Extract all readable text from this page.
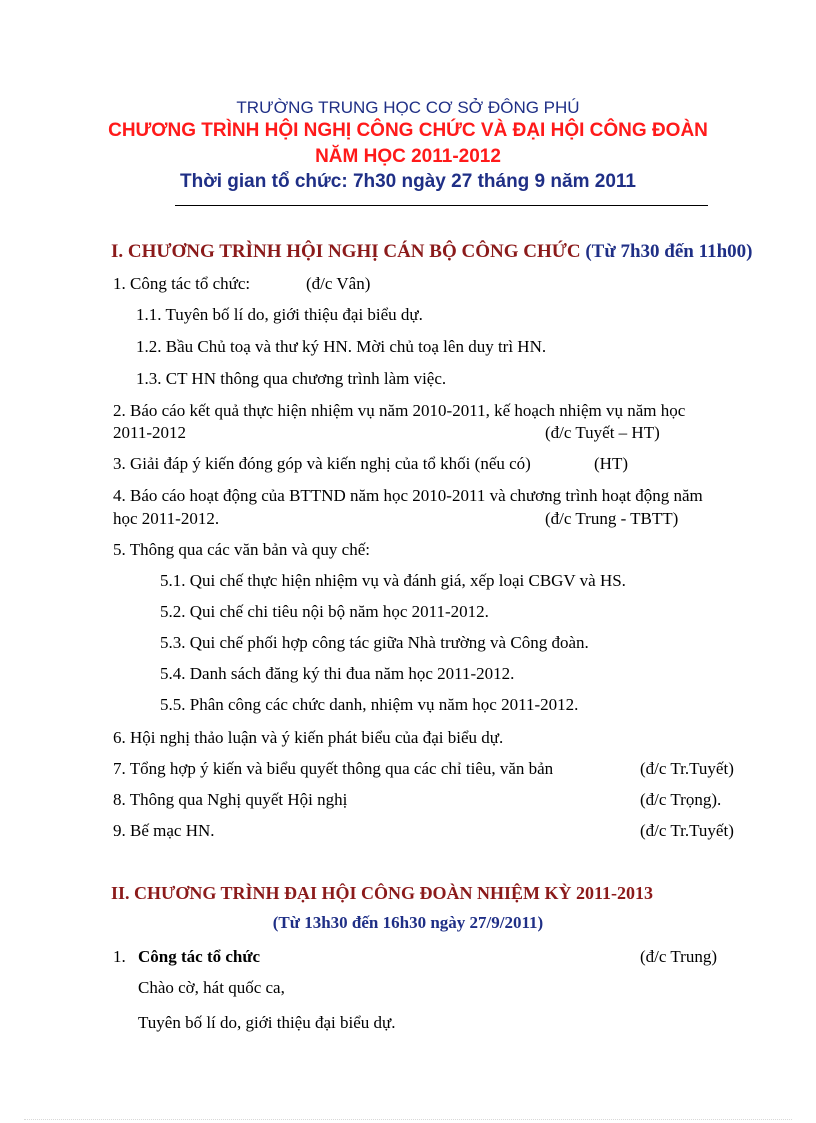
TRƯỜNG TRUNG HỌC CƠ SỞ ĐÔNG PHÚ
CHƯƠNG TRÌNH HỘI NGHỊ CÔNG CHỨC VÀ ĐẠI HỘI CÔNG ĐOÀN
NĂM HỌC 2011-2012
Thời gian tổ chức: 7h30 ngày 27 tháng 9 năm 2011
I. CHƯƠNG TRÌNH HỘI NGHỊ CÁN BỘ CÔNG CHỨC (Từ 7h30 đến 11h00)
1. Công tác tổ chức:	(đ/c Vân)
1.1. Tuyên bố lí do, giới thiệu đại biểu dự.
1.2. Bầu Chủ toạ và thư ký HN. Mời chủ toạ lên duy trì HN.
1.3. CT HN thông qua chương trình làm việc.
2. Báo cáo kết quả thực hiện nhiệm vụ năm 2010-2011, kế hoạch nhiệm vụ năm học
2011-2012	(đ/c Tuyết – HT)
3. Giải đáp ý kiến đóng góp và kiến nghị của tổ khối (nếu có)	(HT)
4. Báo cáo hoạt động của BTTND năm học 2010-2011 và chương trình hoạt động năm
học 2011-2012.	(đ/c Trung - TBTT)
5. Thông qua các văn bản và quy chế:
5.1. Qui chế thực hiện nhiệm vụ và đánh giá, xếp loại CBGV và HS.
5.2. Qui chế chi tiêu nội bộ năm học 2011-2012.
5.3. Qui chế phối hợp công tác giữa Nhà trường và Công đoàn.
5.4. Danh sách đăng ký thi đua năm học 2011-2012.
5.5. Phân công các chức danh, nhiệm vụ năm học 2011-2012.
6. Hội nghị thảo luận và ý kiến phát biểu của đại biểu dự.
7. Tổng hợp ý kiến và biểu quyết thông qua các chỉ tiêu, văn bản	(đ/c Tr.Tuyết)
8. Thông qua Nghị quyết Hội nghị	(đ/c Trọng).
9. Bế mạc HN.	(đ/c Tr.Tuyết)
II. CHƯƠNG TRÌNH ĐẠI HỘI CÔNG ĐOÀN NHIỆM KỲ 2011-2013
(Từ 13h30 đến 16h30 ngày 27/9/2011)
1. Công tác tổ chức	(đ/c Trung)
Chào cờ, hát quốc ca,
Tuyên bố lí do, giới thiệu đại biểu dự.
